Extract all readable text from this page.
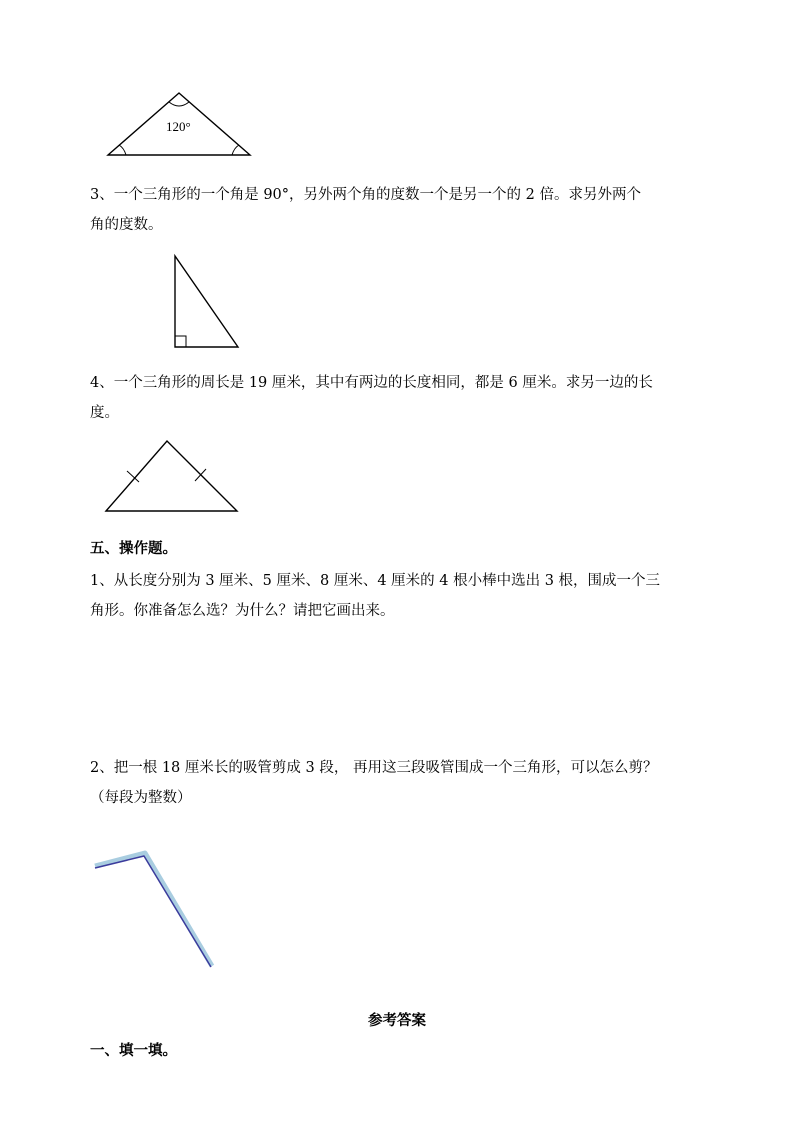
120°

3、一个三角形的一个角是 90°，另外两个角的度数一个是另一个的 2 倍。求另外两个
角的度数。

4、一个三角形的周长是 19 厘米，其中有两边的长度相同，都是 6 厘米。求另一边的长
度。

五、操作题。

1、从长度分别为 3 厘米、5 厘米、8 厘米、4 厘米的 4 根小棒中选出 3 根，围成一个三
角形。你准备怎么选？为什么？请把它画出来。

2、把一根 18 厘米长的吸管剪成 3 段， 再用这三段吸管围成一个三角形，可以怎么剪？
（每段为整数）

参考答案

一、填一填。
